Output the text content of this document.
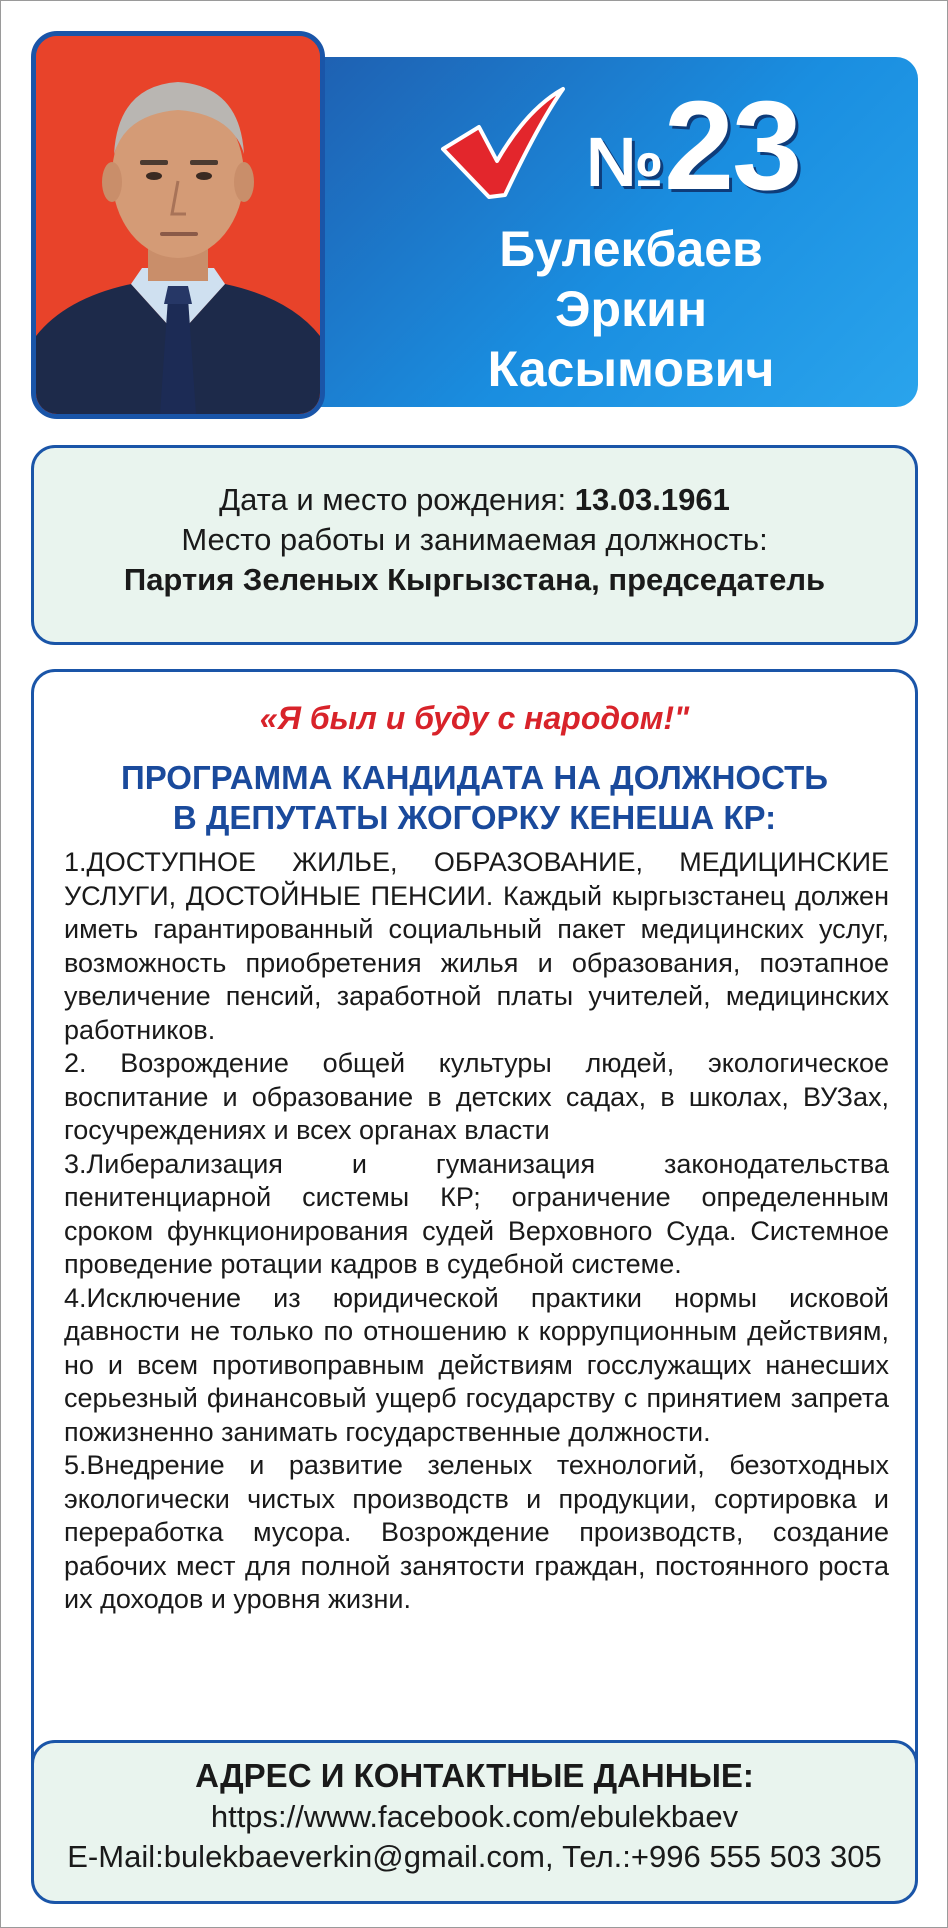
№ 23
Булекбаев
Эркин
Касымович
Дата и место рождения: 13.03.1961
Место работы и занимаемая должность:
Партия Зеленых Кыргызстана, председатель
«Я был и буду с народом!"
ПРОГРАММА КАНДИДАТА НА ДОЛЖНОСТЬ
В ДЕПУТАТЫ ЖОГОРКУ КЕНЕША КР:

1.ДОСТУПНОЕ ЖИЛЬЕ, ОБРАЗОВАНИЕ, МЕДИЦИНСКИЕ УСЛУГИ, ДОСТОЙНЫЕ ПЕНСИИ. Каждый кыргызстанец должен иметь гарантированный социальный пакет медицинских услуг, возможность приобретения жилья и образования, поэтапное увеличение пенсий, заработной платы учителей, медицинских работников.

2. Возрождение общей культуры людей, экологическое воспитание и образование в детских садах, в школах, ВУЗах, госучреждениях и всех органах власти

3.Либерализация и гуманизация законодательства пенитенциарной системы КР; ограничение определенным сроком функционирования судей Верховного Суда. Системное проведение ротации кадров в судебной системе.

4.Исключение из юридической практики нормы исковой давности не только по отношению к коррупционным действиям, но и всем противоправным действиям госслужащих нанесших серьезный финансовый ущерб государству с принятием запрета пожизненно занимать государственные должности.

5.Внедрение и развитие зеленых технологий, безотходных экологически чистых производств и продукции, сортировка и переработка мусора. Возрождение производств, создание рабочих мест для полной занятости граждан, постоянного роста их доходов и уровня жизни.

АДРЕС И КОНТАКТНЫЕ ДАННЫЕ:
https://www.facebook.com/ebulekbaev
E-Mail:bulekbaeverkin@gmail.com, Тел.:+996 555 503 305
